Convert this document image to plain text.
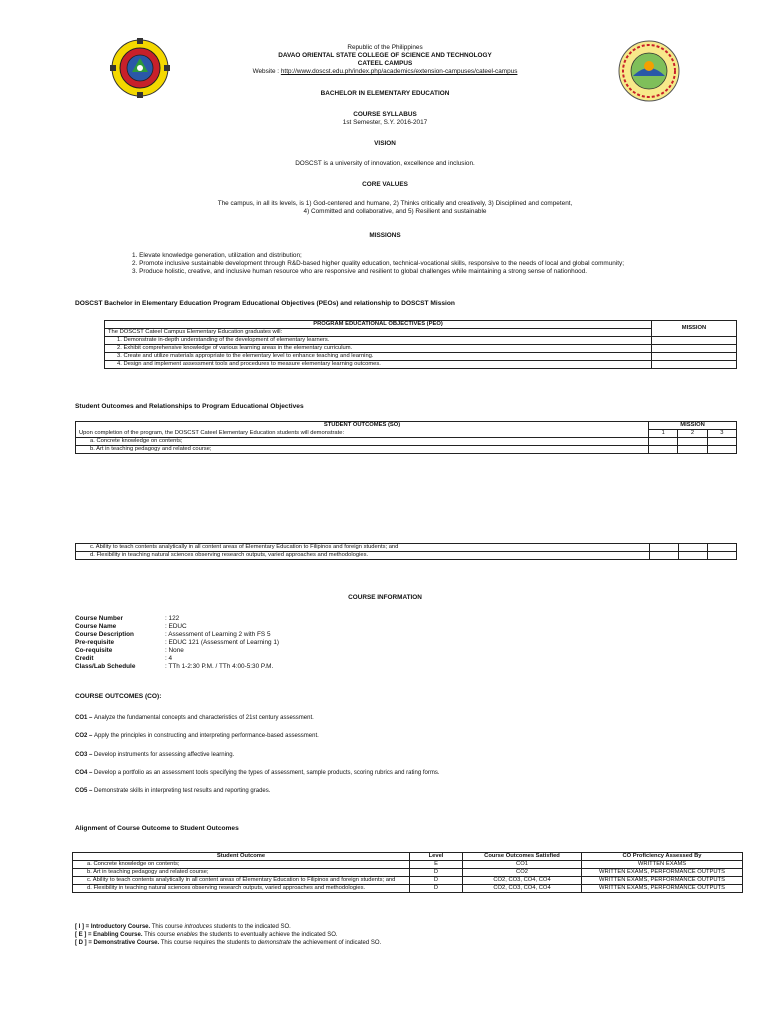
Republic of the Philippines
DAVAO ORIENTAL STATE COLLEGE OF SCIENCE AND TECHNOLOGY
CATEEL CAMPUS
Website : http://www.doscst.edu.ph/index.php/academics/extension-campuses/cateel-campus
BACHELOR IN ELEMENTARY EDUCATION
COURSE SYLLABUS
1st Semester, S.Y. 2016-2017
VISION
DOSCST is a university of innovation, excellence and inclusion.
CORE VALUES
The campus, in all its levels, is 1) God-centered and humane, 2) Thinks critically and creatively, 3) Disciplined and competent,
4) Committed and collaborative, and 5) Resilient and sustainable
MISSIONS
1. Elevate knowledge generation, utilization and distribution;
2. Promote inclusive sustainable development through R&D-based higher quality education, technical-vocational skills, responsive to the needs of local and global community;
3. Produce holistic, creative, and inclusive human resource who are responsive and resilient to global challenges while maintaining a strong sense of nationhood.
DOSCST Bachelor in Elementary Education Program Educational Objectives (PEOs) and relationship to DOSCST Mission
PROGRAM EDUCATIONAL OBJECTIVES (PEO)	MISSION
The DOSCST Cateel Campus Elementary Education graduates will:	
1. Demonstrate in-depth understanding of the development of elementary learners.	
2. Exhibit comprehensive knowledge of various learning areas in the elementary curriculum.	
3. Create and utilize materials appropriate to the elementary level to enhance teaching and learning.	
4. Design and implement assessment tools and procedures to measure elementary learning outcomes.	
Student Outcomes and Relationships to Program Educational Objectives
STUDENT OUTCOMES (SO)	MISSION		
Upon completion of the program, the DOSCST Cateel Elementary Education students will demonstrate:	1	2	3
a. Concrete knowledge on contents;			
b. Art in teaching pedagogy and related course;			
c. Ability to teach contents analytically in all content areas of Elementary Education to Filipinos and foreign students; and			
d. Flexibility in teaching natural sciences observing research outputs, varied approaches and methodologies.			
COURSE INFORMATION
Course Number	: 122
Course Name	: EDUC
Course Description	: Assessment of Learning 2 with FS 5
Pre-requisite	: EDUC 121 (Assessment of Learning 1)
Co-requisite	: None
Credit	: 4
Class/Lab Schedule	: TTh 1-2:30 P.M. / TTh 4:00-5:30 P.M.
COURSE OUTCOMES (CO):
CO1 – Analyze the fundamental concepts and characteristics of 21st century assessment.
CO2 – Apply the principles in constructing and interpreting performance-based assessment.
CO3 – Develop instruments for assessing affective learning.
CO4 – Develop a portfolio as an assessment tools specifying the types of assessment, sample products, scoring rubrics and rating forms.
CO5 – Demonstrate skills in interpreting test results and reporting grades.
Alignment of Course Outcome to Student Outcomes
Student Outcome	Level	Course Outcomes Satisfied	CO Proficiency Assessed By
a. Concrete knowledge on contents;	E	CO1	WRITTEN EXAMS
b. Art in teaching pedagogy and related course;	D	CO2	WRITTEN EXAMS, PERFORMANCE OUTPUTS
c. Ability to teach contents analytically in all content areas of Elementary Education to Filipinos and foreign students; and	D	CO2, CO3, CO4, CO4	WRITTEN EXAMS, PERFORMANCE OUTPUTS
d. Flexibility in teaching natural sciences observing research outputs, varied approaches and methodologies.	D	CO2, CO3, CO4, CO4	WRITTEN EXAMS, PERFORMANCE OUTPUTS
[ I ] = Introductory Course. This course introduces students to the indicated SO.
[ E ] = Enabling Course. This course enables the students to eventually achieve the indicated SO.
[ D ] = Demonstrative Course. This course requires the students to demonstrate the achievement of indicated SO.
